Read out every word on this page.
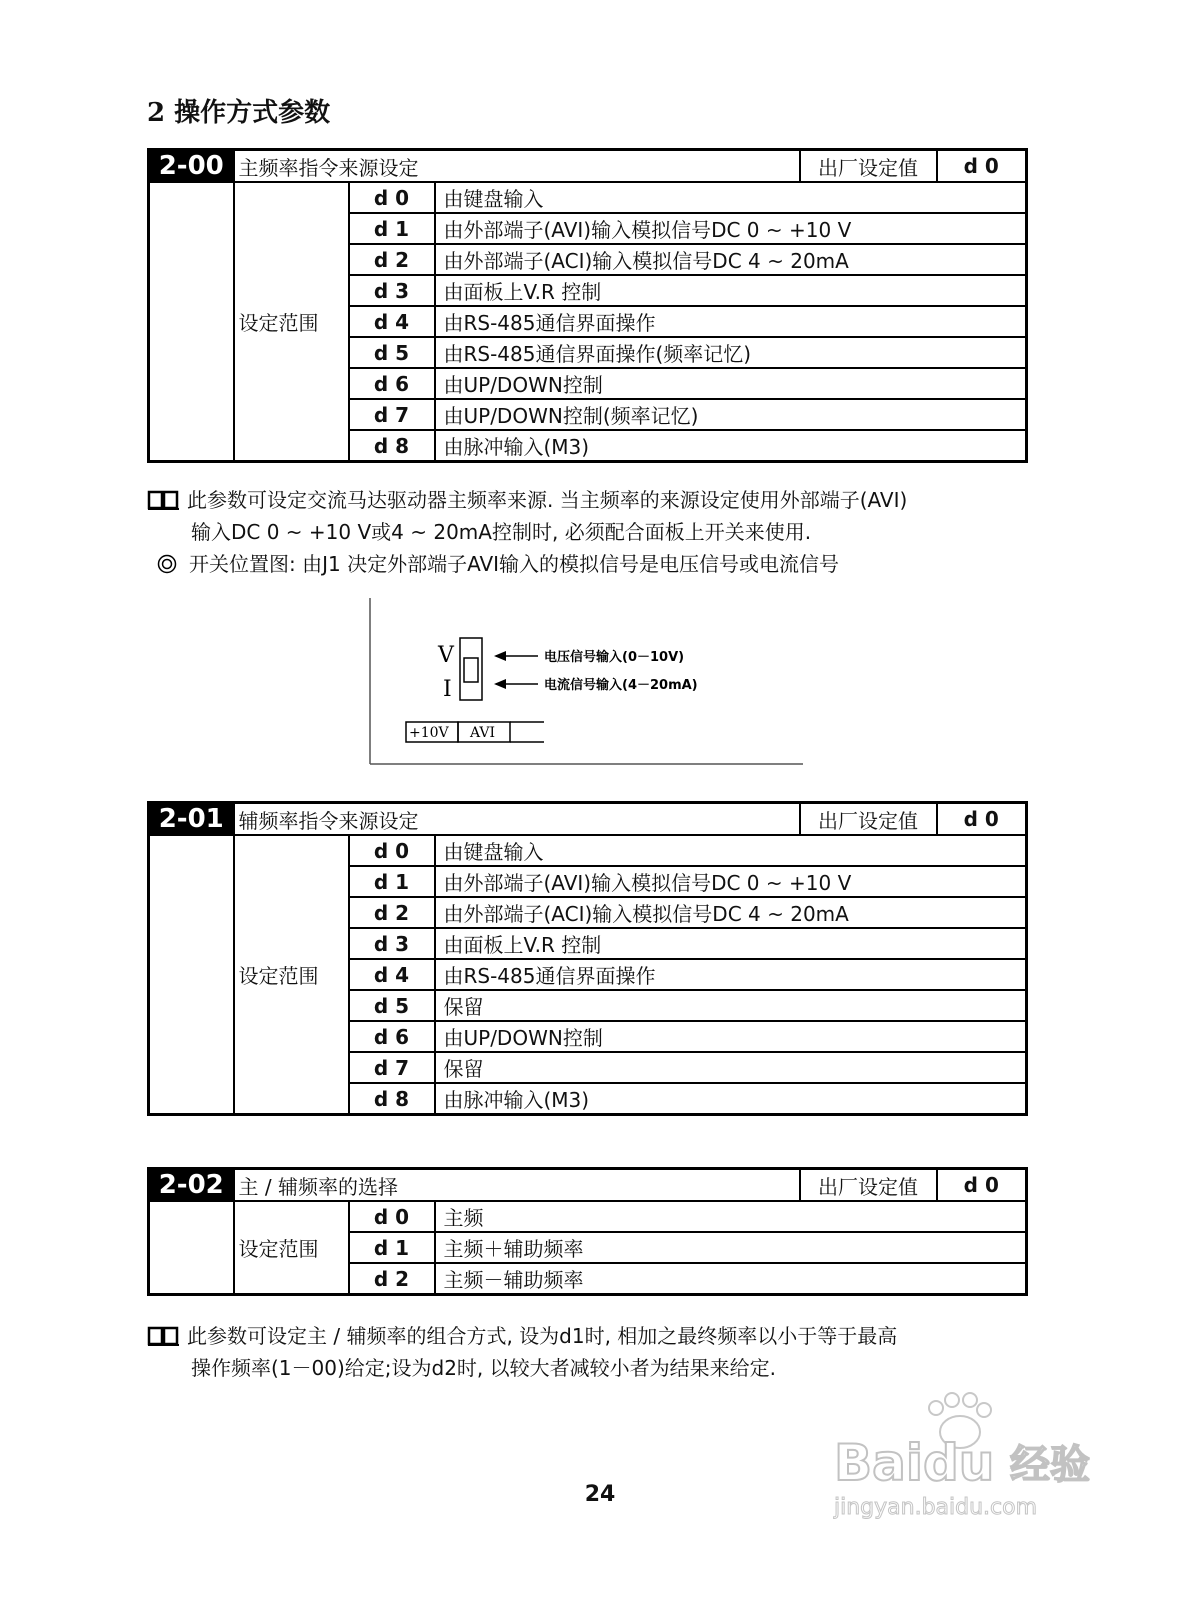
2 操作方式参数
2-00	主频率指令来源设定			出厂设定值	d 0
	设定范围	d 0	由键盘输入		
		d 1	由外部端子(AVI)输入模拟信号DC 0 ~ +10 V		
		d 2	由外部端子(ACI)输入模拟信号DC 4 ~ 20mA		
		d 3	由面板上V.R 控制		
		d 4	由RS-485通信界面操作		
		d 5	由RS-485通信界面操作(频率记忆)		
		d 6	由UP/DOWN控制		
		d 7	由UP/DOWN控制(频率记忆)		
		d 8	由脉冲输入(M3)		
此参数可设定交流马达驱动器主频率来源. 当主频率的来源设定使用外部端子(AVI)
输入DC 0 ~ +10 V或4 ~ 20mA控制时, 必须配合面板上开关来使用.
开关位置图: 由J1 决定外部端子AVI输入的模拟信号是电压信号或电流信号
V
I
电压信号输入(0－10V)
电流信号输入(4－20mA)
+10V AVI
2-01	辅频率指令来源设定			出厂设定值	d 0
	设定范围	d 0	由键盘输入		
		d 1	由外部端子(AVI)输入模拟信号DC 0 ~ +10 V		
		d 2	由外部端子(ACI)输入模拟信号DC 4 ~ 20mA		
		d 3	由面板上V.R 控制		
		d 4	由RS-485通信界面操作		
		d 5	保留		
		d 6	由UP/DOWN控制		
		d 7	保留		
		d 8	由脉冲输入(M3)		
2-02	主 / 辅频率的选择			出厂设定值	d 0
	设定范围	d 0	主频		
		d 1	主频＋辅助频率		
		d 2	主频－辅助频率		
此参数可设定主 / 辅频率的组合方式, 设为d1时, 相加之最终频率以小于等于最高
操作频率(1－00)给定;设为d2时, 以较大者减较小者为结果来给定.
Baidu 经验
jingyan.baidu.com
24
